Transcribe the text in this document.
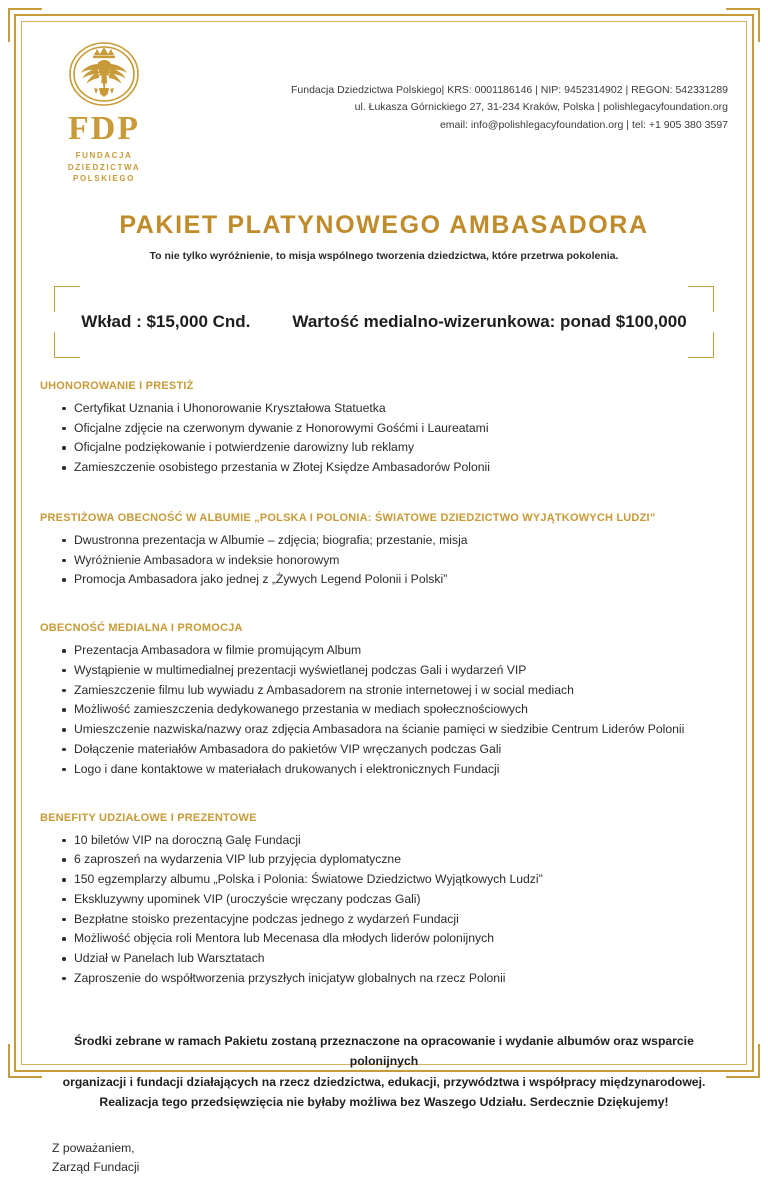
FDP
FUNDACJA
DZIEDZICTWA
POLSKIEGO
Fundacja Dziedzictwa Polskiego| KRS: 0001186146 | NIP: 9452314902 | REGON: 542331289
ul. Łukasza Górnickiego 27, 31-234 Kraków, Polska | polishlegacyfoundation.org
email: info@polishlegacyfoundation.org | tel: +1 905 380 3597
PAKIET PLATYNOWEGO AMBASADORA
To nie tylko wyróżnienie, to misja wspólnego tworzenia dziedzictwa, które przetrwa pokolenia.
Wkład : $15,000 Cnd. Wartość medialno-wizerunkowa: ponad $100,000
UHONOROWANIE I PRESTIŻ
Certyfikat Uznania i Uhonorowanie Kryształowa Statuetka
Oficjalne zdjęcie na czerwonym dywanie z Honorowymi Gośćmi i Laureatami
Oficjalne podziękowanie i potwierdzenie darowizny lub reklamy
Zamieszczenie osobistego przestania w Złotej Księdze Ambasadorów Polonii
PRESTIŻOWA OBECNOŚĆ W ALBUMIE „POLSKA I POLONIA: ŚWIATOWE DZIEDZICTWO WYJĄTKOWYCH LUDZI”
Dwustronna prezentacja w Albumie – zdjęcia; biografia; przestanie, misja
Wyróżnienie Ambasadora w indeksie honorowym
Promocja Ambasadora jako jednej z „Żywych Legend Polonii i Polski”
OBECNOŚĆ MEDIALNA I PROMOCJA
Prezentacja Ambasadora w filmie promującym Album
Wystąpienie w multimedialnej prezentacji wyświetlanej podczas Gali i wydarzeń VIP
Zamieszczenie filmu lub wywiadu z Ambasadorem na stronie internetowej i w social mediach
Możliwość zamieszczenia dedykowanego przestania w mediach społecznościowych
Umieszczenie nazwiska/nazwy oraz zdjęcia Ambasadora na ścianie pamięci w siedzibie Centrum Liderów Polonii
Dołączenie materiałów Ambasadora do pakietów VIP wręczanych podczas Gali
Logo i dane kontaktowe w materiałach drukowanych i elektronicznych Fundacji
BENEFITY UDZIAŁOWE I PREZENTOWE
10 biletów VIP na doroczną Galę Fundacji
6 zaproszeń na wydarzenia VIP lub przyjęcia dyplomatyczne
150 egzemplarzy albumu „Polska i Polonia: Światowe Dziedzictwo Wyjątkowych Ludzi”
Ekskluzywny upominek VIP (uroczyście wręczany podczas Gali)
Bezpłatne stoisko prezentacyjne podczas jednego z wydarzeń Fundacji
Możliwość objęcia roli Mentora lub Mecenasa dla młodych liderów polonijnych
Udział w Panelach lub Warsztatach
Zaproszenie do współtworzenia przyszłych inicjatyw globalnych na rzecz Polonii
Środki zebrane w ramach Pakietu zostaną przeznaczone na opracowanie i wydanie albumów oraz wsparcie polonijnych
organizacji i fundacji działających na rzecz dziedzictwa, edukacji, przywództwa i współpracy międzynarodowej.
Realizacja tego przedsięwzięcia nie byłaby możliwa bez Waszego Udziału. Serdecznie Dziękujemy!
Z poważaniem,
Zarząd Fundacji
